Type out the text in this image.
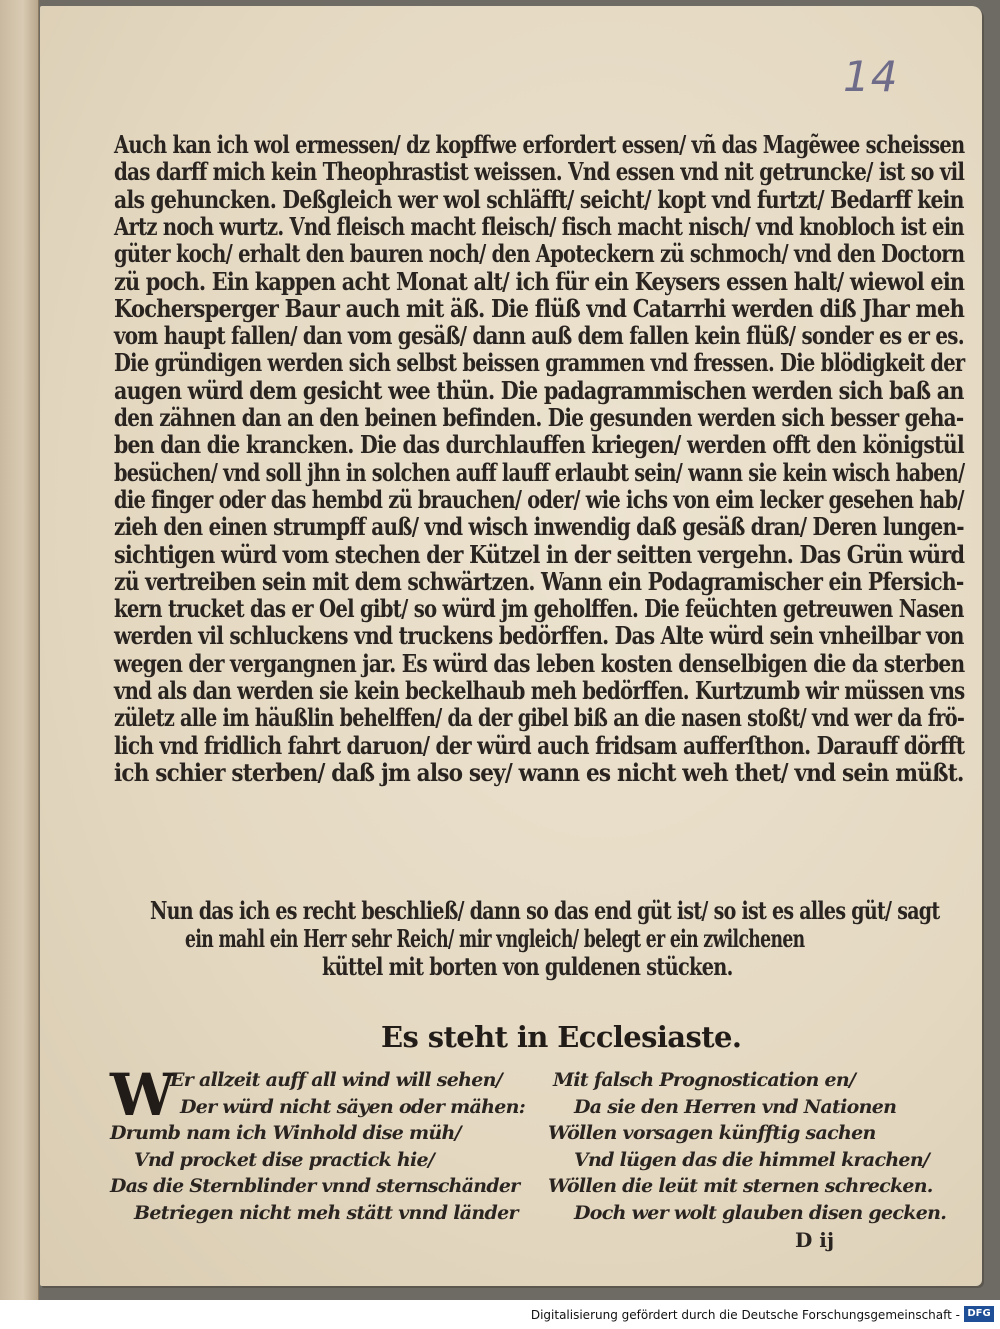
14
Auch kan ich wol ermessen/ dz kopffwe erfordert essen/ vñ das Magẽwee scheissen
das darff mich kein Theophrastist weissen. Vnd essen vnd nit getruncke/ ist so vil
als gehuncken. Deßgleich wer wol schläfft/ seicht/ kopt vnd furtzt/ Bedarff kein
Artz noch wurtz. Vnd fleisch macht fleisch/ fisch macht nisch/ vnd knobloch ist ein
güter koch/ erhalt den bauren noch/ den Apoteckern zü schmoch/ vnd den Doctorn
zü poch. Ein kappen acht Monat alt/ ich für ein Keysers essen halt/ wiewol ein
Kochersperger Baur auch mit äß. Die flüß vnd Catarrhi werden diß Jhar meh
vom haupt fallen/ dan vom gesäß/ dann auß dem fallen kein flüß/ sonder es er es.
Die gründigen werden sich selbst beissen grammen vnd fressen. Die blödigkeit der
augen würd dem gesicht wee thün. Die padagrammischen werden sich baß an
den zähnen dan an den beinen befinden. Die gesunden werden sich besser geha-
ben dan die krancken. Die das durchlauffen kriegen/ werden offt den königstül
besüchen/ vnd soll jhn in solchen auff lauff erlaubt sein/ wann sie kein wisch haben/
die finger oder das hembd zü brauchen/ oder/ wie ichs von eim lecker gesehen hab/
zieh den einen strumpff auß/ vnd wisch inwendig daß gesäß dran/ Deren lungen-
sichtigen würd vom stechen der Kützel in der seitten vergehn. Das Grün würd
zü vertreiben sein mit dem schwärtzen. Wann ein Podagramischer ein Pfersich-
kern trucket das er Oel gibt/ so würd jm geholffen. Die feüchten getreuwen Nasen
werden vil schluckens vnd truckens bedörffen. Das Alte würd sein vnheilbar von
wegen der vergangnen jar. Es würd das leben kosten denselbigen die da sterben
vnd als dan werden sie kein beckelhaub meh bedörffen. Kurtzumb wir müssen vns
zületz alle im häußlin behelffen/ da der gibel biß an die nasen stoßt/ vnd wer da frö-
lich vnd fridlich fahrt daruon/ der würd auch fridsam aufferſthon. Darauff dörfft
ich schier sterben/ daß jm also sey/ wann es nicht weh thet/ vnd sein müßt.
Nun das ich es recht beschließ/ dann so das end güt ist/ so ist es alles güt/ sagt
ein mahl ein Herr sehr Reich/ mir vngleich/ belegt er ein zwilchenen
küttel mit borten von guldenen stücken.
Es steht in Ecclesiaste.
W
Er allzeit auff all wind will sehen/
Der würd nicht säyen oder mähen:
Drumb nam ich Winhold dise müh/
Vnd procket dise practick hie/
Das die Sternblinder vnnd sternschänder
Betriegen nicht meh stätt vnnd länder
Mit falsch Prognostication en/
Da sie den Herren vnd Nationen
Wöllen vorsagen künfftig sachen
Vnd lügen das die himmel krachen/
Wöllen die leüt mit sternen schrecken.
Doch wer wolt glauben disen gecken.
D ij
Digitalisierung gefördert durch die Deutsche Forschungsgemeinschaft - DFG
